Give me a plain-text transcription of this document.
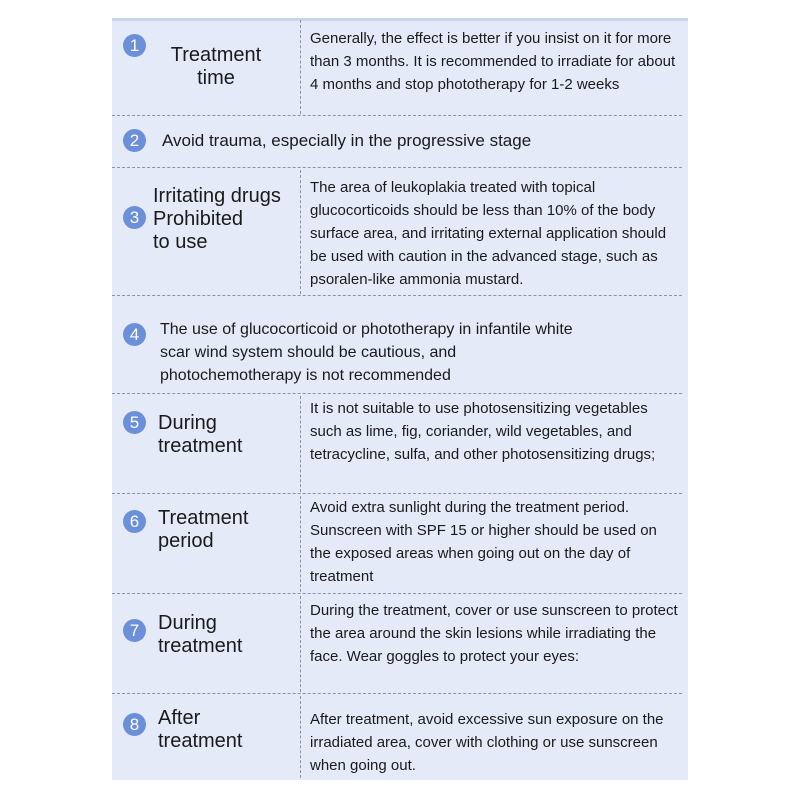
1	Treatment
time
Generally, the effect is better if you insist on it for more than 3 months. It is recommended to irradiate for about 4 months and stop phototherapy for 1-2 weeks
2	Avoid trauma, especially in the progressive stage
3
Irritating drugs
Prohibited
to use
The area of leukoplakia treated with topical glucocorticoids should be less than 10% of the body surface area, and irritating external application should be used with caution in the advanced stage, such as psoralen-like ammonia mustard.
4	The use of glucocorticoid or phototherapy in infantile white scar wind system should be cautious, and photochemotherapy is not recommended
5 During
treatment
It is not suitable to use photosensitizing vegetables such as lime, fig, coriander, wild vegetables, and tetracycline, sulfa, and other photosensitizing drugs;
6 Treatment
period
Avoid extra sunlight during the treatment period. Sunscreen with SPF 15 or higher should be used on the exposed areas when going out on the day of treatment
7 During
treatment
During the treatment, cover or use sunscreen to protect the area around the skin lesions while irradiating the face. Wear goggles to protect your eyes:
8 After
treatment
After treatment, avoid excessive sun exposure on the irradiated area, cover with clothing or use sunscreen when going out.
